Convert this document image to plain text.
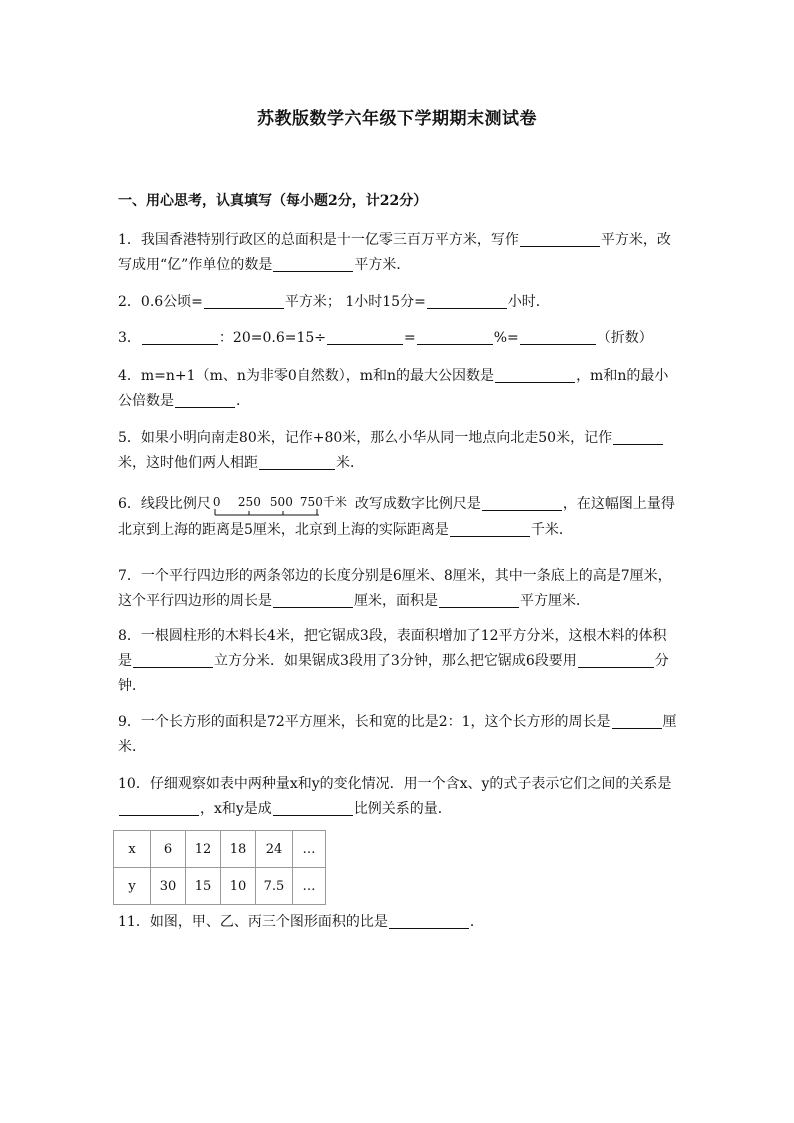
苏教版数学六年级下学期期末测试卷
一、用心思考，认真填写（每小题2分，计22分）
1．我国香港特别行政区的总面积是十一亿零三百万平方米，写作	平方米，改写成用“亿”作单位的数是	平方米．
2．0.6公顷=	平方米； 1小时15分=	小时．
3．	：20=0.6=15÷	=	%=	（折数）
4．m=n+1（m、n为非零0自然数），m和n的最大公因数是	，m和n的最小公倍数是	．
5．如果小明向南走80米，记作+80米，那么小华从同一地点向北走50米，记作米，这时他们两人相距	米．
6．线段比例尺 0 250 500 750千米 改写成数字比例尺是	，在这幅图上量得北京到上海的距离是5厘米，北京到上海的实际距离是	千米．
7．一个平行四边形的两条邻边的长度分别是6厘米、8厘米，其中一条底上的高是7厘米，这个平行四边形的周长是	厘米，面积是	平方厘米．
8．一根圆柱形的木料长4米，把它锯成3段，表面积增加了12平方分米，这根木料的体积是	立方分米．如果锯成3段用了3分钟，那么把它锯成6段要用	分钟．
9．一个长方形的面积是72平方厘米，长和宽的比是2：1，这个长方形的周长是	厘米．
10．仔细观察如表中两种量x和y的变化情况．用一个含x、y的式子表示它们之间的关系是，x和y是成	比例关系的量．
x	6	12	18	24	…
y	30	15	10	7.5	…
11．如图，甲、乙、丙三个图形面积的比是	．
